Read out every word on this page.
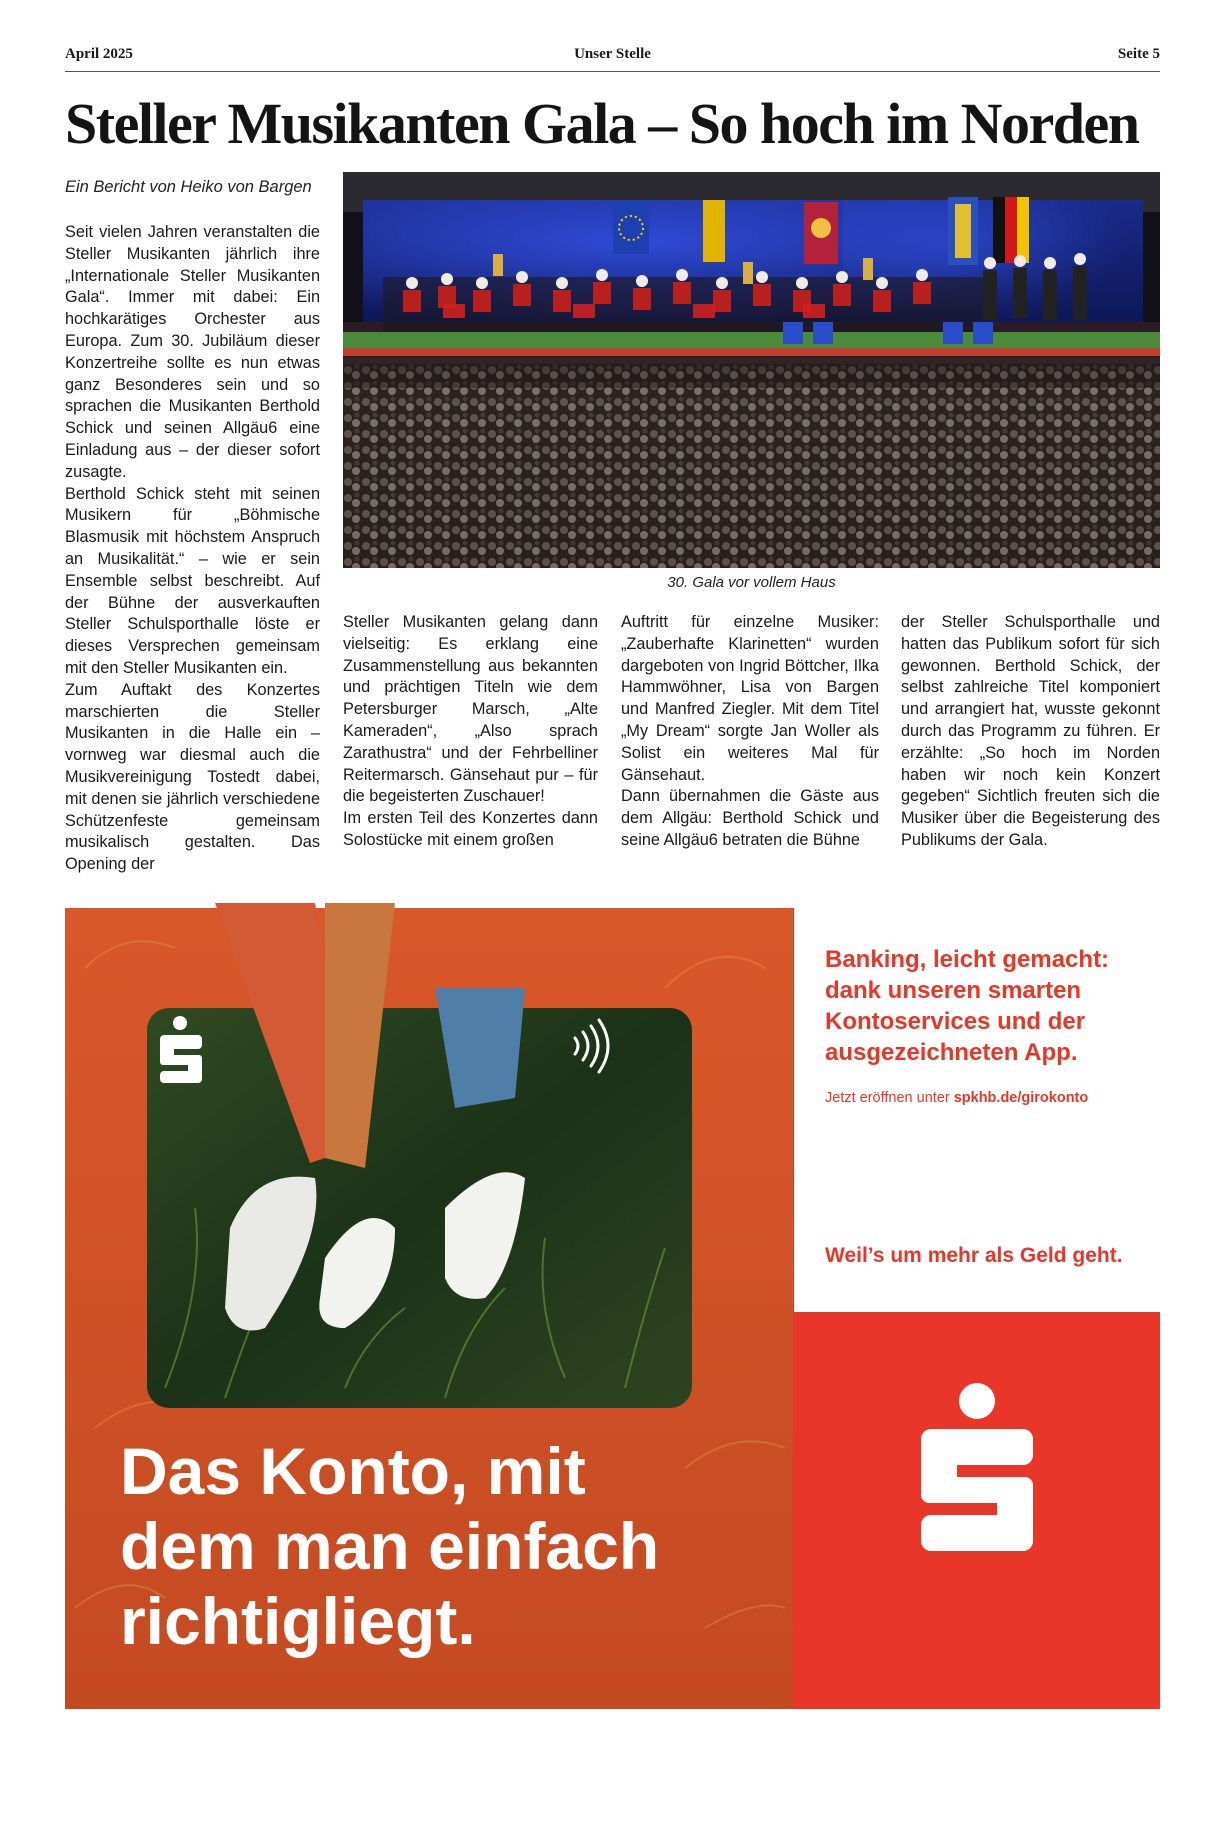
April 2025	Unser Stelle	Seite 5
Steller Musikanten Gala – So hoch im Norden
Ein Bericht von Heiko von Bargen

Seit vielen Jahren veranstalten die Steller Musikanten jährlich ihre „Internationale Steller Musikanten Gala“. Immer mit dabei: Ein hochkarätiges Orchester aus Europa. Zum 30. Jubiläum dieser Konzertreihe sollte es nun etwas ganz Besonderes sein und so sprachen die Musikanten Berthold Schick und seinen Allgäu6 eine Einladung aus – der dieser sofort zusagte.

Berthold Schick steht mit seinen Musikern für „Böhmische Blasmusik mit höchstem Anspruch an Musikalität.“ – wie er sein Ensemble selbst beschreibt. Auf der Bühne der ausverkauften Steller Schulsporthalle löste er dieses Versprechen gemeinsam mit den Steller Musikanten ein.

Zum Auftakt des Konzertes marschierten die Steller Musikanten in die Halle ein – vornweg war diesmal auch die Musikvereinigung Tostedt dabei, mit denen sie jährlich verschiedene Schützenfeste gemeinsam musikalisch gestalten. Das Opening der

30. Gala vor vollem Haus

Steller Musikanten gelang dann vielseitig: Es erklang eine Zusammenstellung aus bekannten und prächtigen Titeln wie dem Petersburger Marsch, „Alte Kameraden“, „Also sprach Zarathustra“ und der Fehrbelliner Reitermarsch. Gänsehaut pur – für die begeisterten Zuschauer!

Im ersten Teil des Konzertes dann Solostücke mit einem großen

Auftritt für einzelne Musiker: „Zauberhafte Klarinetten“ wurden dargeboten von Ingrid Böttcher, Ilka Hammwöhner, Lisa von Bargen und Manfred Ziegler. Mit dem Titel „My Dream“ sorgte Jan Woller als Solist ein weiteres Mal für Gänsehaut.

Dann übernahmen die Gäste aus dem Allgäu: Berthold Schick und seine Allgäu6 betraten die Bühne

der Steller Schulsporthalle und hatten das Publikum sofort für sich gewonnen. Berthold Schick, der selbst zahlreiche Titel komponiert und arrangiert hat, wusste gekonnt durch das Programm zu führen. Er erzählte: „So hoch im Norden haben wir noch kein Konzert gegeben“ Sichtlich freuten sich die Musiker über die Begeisterung des Publikums der Gala.

Banking, leicht gemacht:
dank unseren smarten
Kontoservices und der
ausgezeichneten App.
Jetzt eröffnen unter spkhb.de/girokonto
Weil’s um mehr als Geld geht.
Das Konto, mit
dem man einfach
richtigliegt.
Sparkasse
Harburg-Buxtehude
